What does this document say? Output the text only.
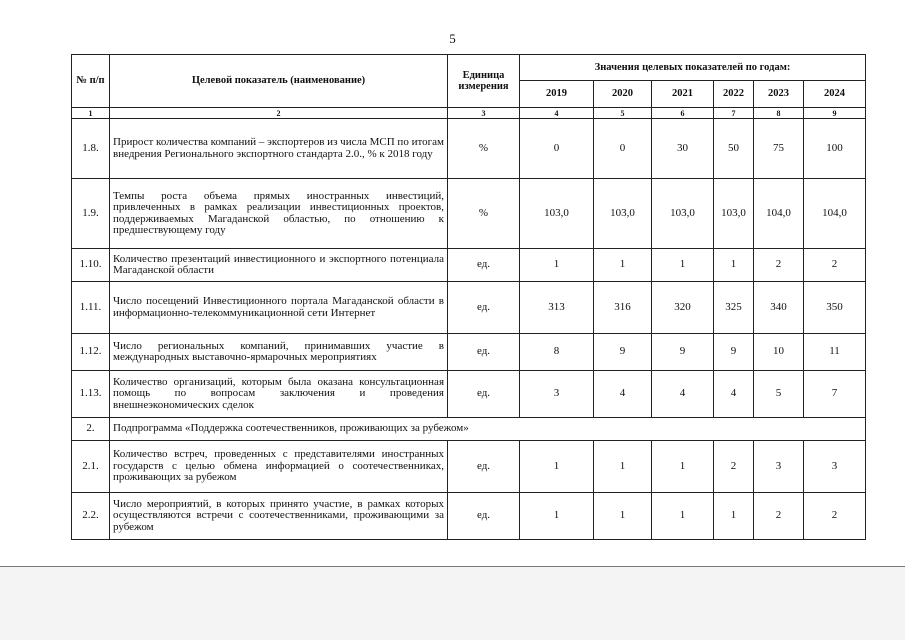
5
№ п/п	Целевой показатель (наименование)	Единица измерения	Значения целевых показателей по годам:					
			2019	2020	2021	2022	2023	2024
1	2	3	4	5	6	7	8	9
1.8.	Прирост количества компаний – экспортеров из числа МСП по итогам внедрения Регионального экспортного стандарта 2.0., % к 2018 году	%	0	0	30	50	75	100
1.9.	Темпы роста объема прямых иностранных инвестиций, привлеченных в рамках реализации инвестиционных проектов, поддерживаемых Магаданской областью, по отношению к предшествующему году	%	103,0	103,0	103,0	103,0	104,0	104,0
1.10.	Количество презентаций инвестиционного и экспортного потенциала Магаданской области	ед.	1	1	1	1	2	2
1.11.	Число посещений Инвестиционного портала Магаданской области в информационно-телекоммуникационной сети Интернет	ед.	313	316	320	325	340	350
1.12.	Число региональных компаний, принимавших участие в международных выставочно-ярмарочных мероприятиях	ед.	8	9	9	9	10	11
1.13.	Количество организаций, которым была оказана консультационная помощь по вопросам заключения и проведения внешнеэкономических сделок	ед.	3	4	4	4	5	7
2.	Подпрограмма «Поддержка соотечественников, проживающих за рубежом»							
2.1.	Количество встреч, проведенных с представителями иностранных государств с целью обмена информацией о соотечественниках, проживающих за рубежом	ед.	1	1	1	2	3	3
2.2.	Число мероприятий, в которых принято участие, в рамках которых осуществляются встречи с соотечественниками, проживающими за рубежом	ед.	1	1	1	1	2	2
